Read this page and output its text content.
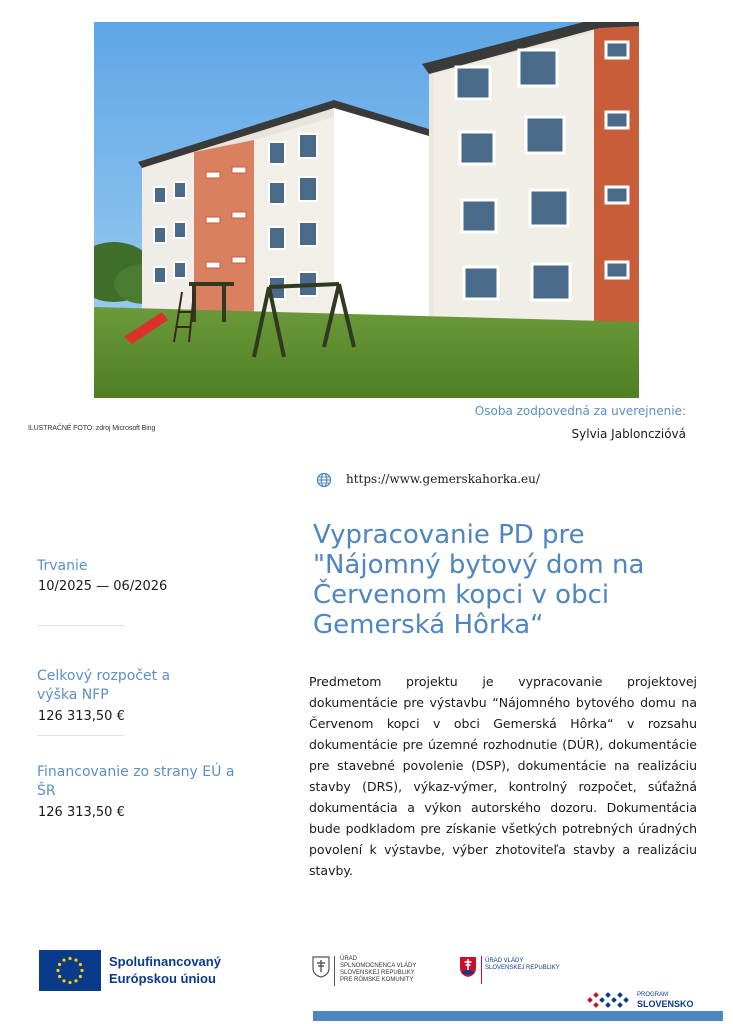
ILUSTRAČNÉ FOTO: zdroj Microsoft Bing
Osoba zodpovedná za uverejnenie:
Sylvia Jablonczióvá
https://www.gemerskahorka.eu/
Vypracovanie PD pre "Nájomný bytový dom na Červenom kopci v obci Gemerská Hôrka“
Predmetom projektu je vypracovanie projektovej dokumentácie pre výstavbu “Nájomného bytového domu na Červenom kopci v obci Gemerská Hôrka“ v rozsahu dokumentácie pre územné rozhodnutie (DÚR), dokumentácie pre stavebné povolenie (DSP), dokumentácie na realizáciu stavby (DRS), výkaz-výmer, kontrolný rozpočet, súťažná dokumentácia a výkon autorského dozoru. Dokumentácia bude podkladom pre získanie všetkých potrebných úradných povolení k výstavbe, výber zhotoviteľa stavby a realizáciu stavby.
Trvanie
10/2025 — 06/2026
Celkový rozpočet a výška NFP
126 313,50 €
Financovanie zo strany EÚ a ŠR
126 313,50 €
Spolufinancovaný
Európskou úniou
ÚRAD
SPLNOMOCNENCA VLÁDY
SLOVENSKEJ REPUBLIKY
PRE RÓMSKE KOMUNITY
ÚRAD VLÁDY
SLOVENSKEJ REPUBLIKY
PROGRAM
SLOVENSKO
